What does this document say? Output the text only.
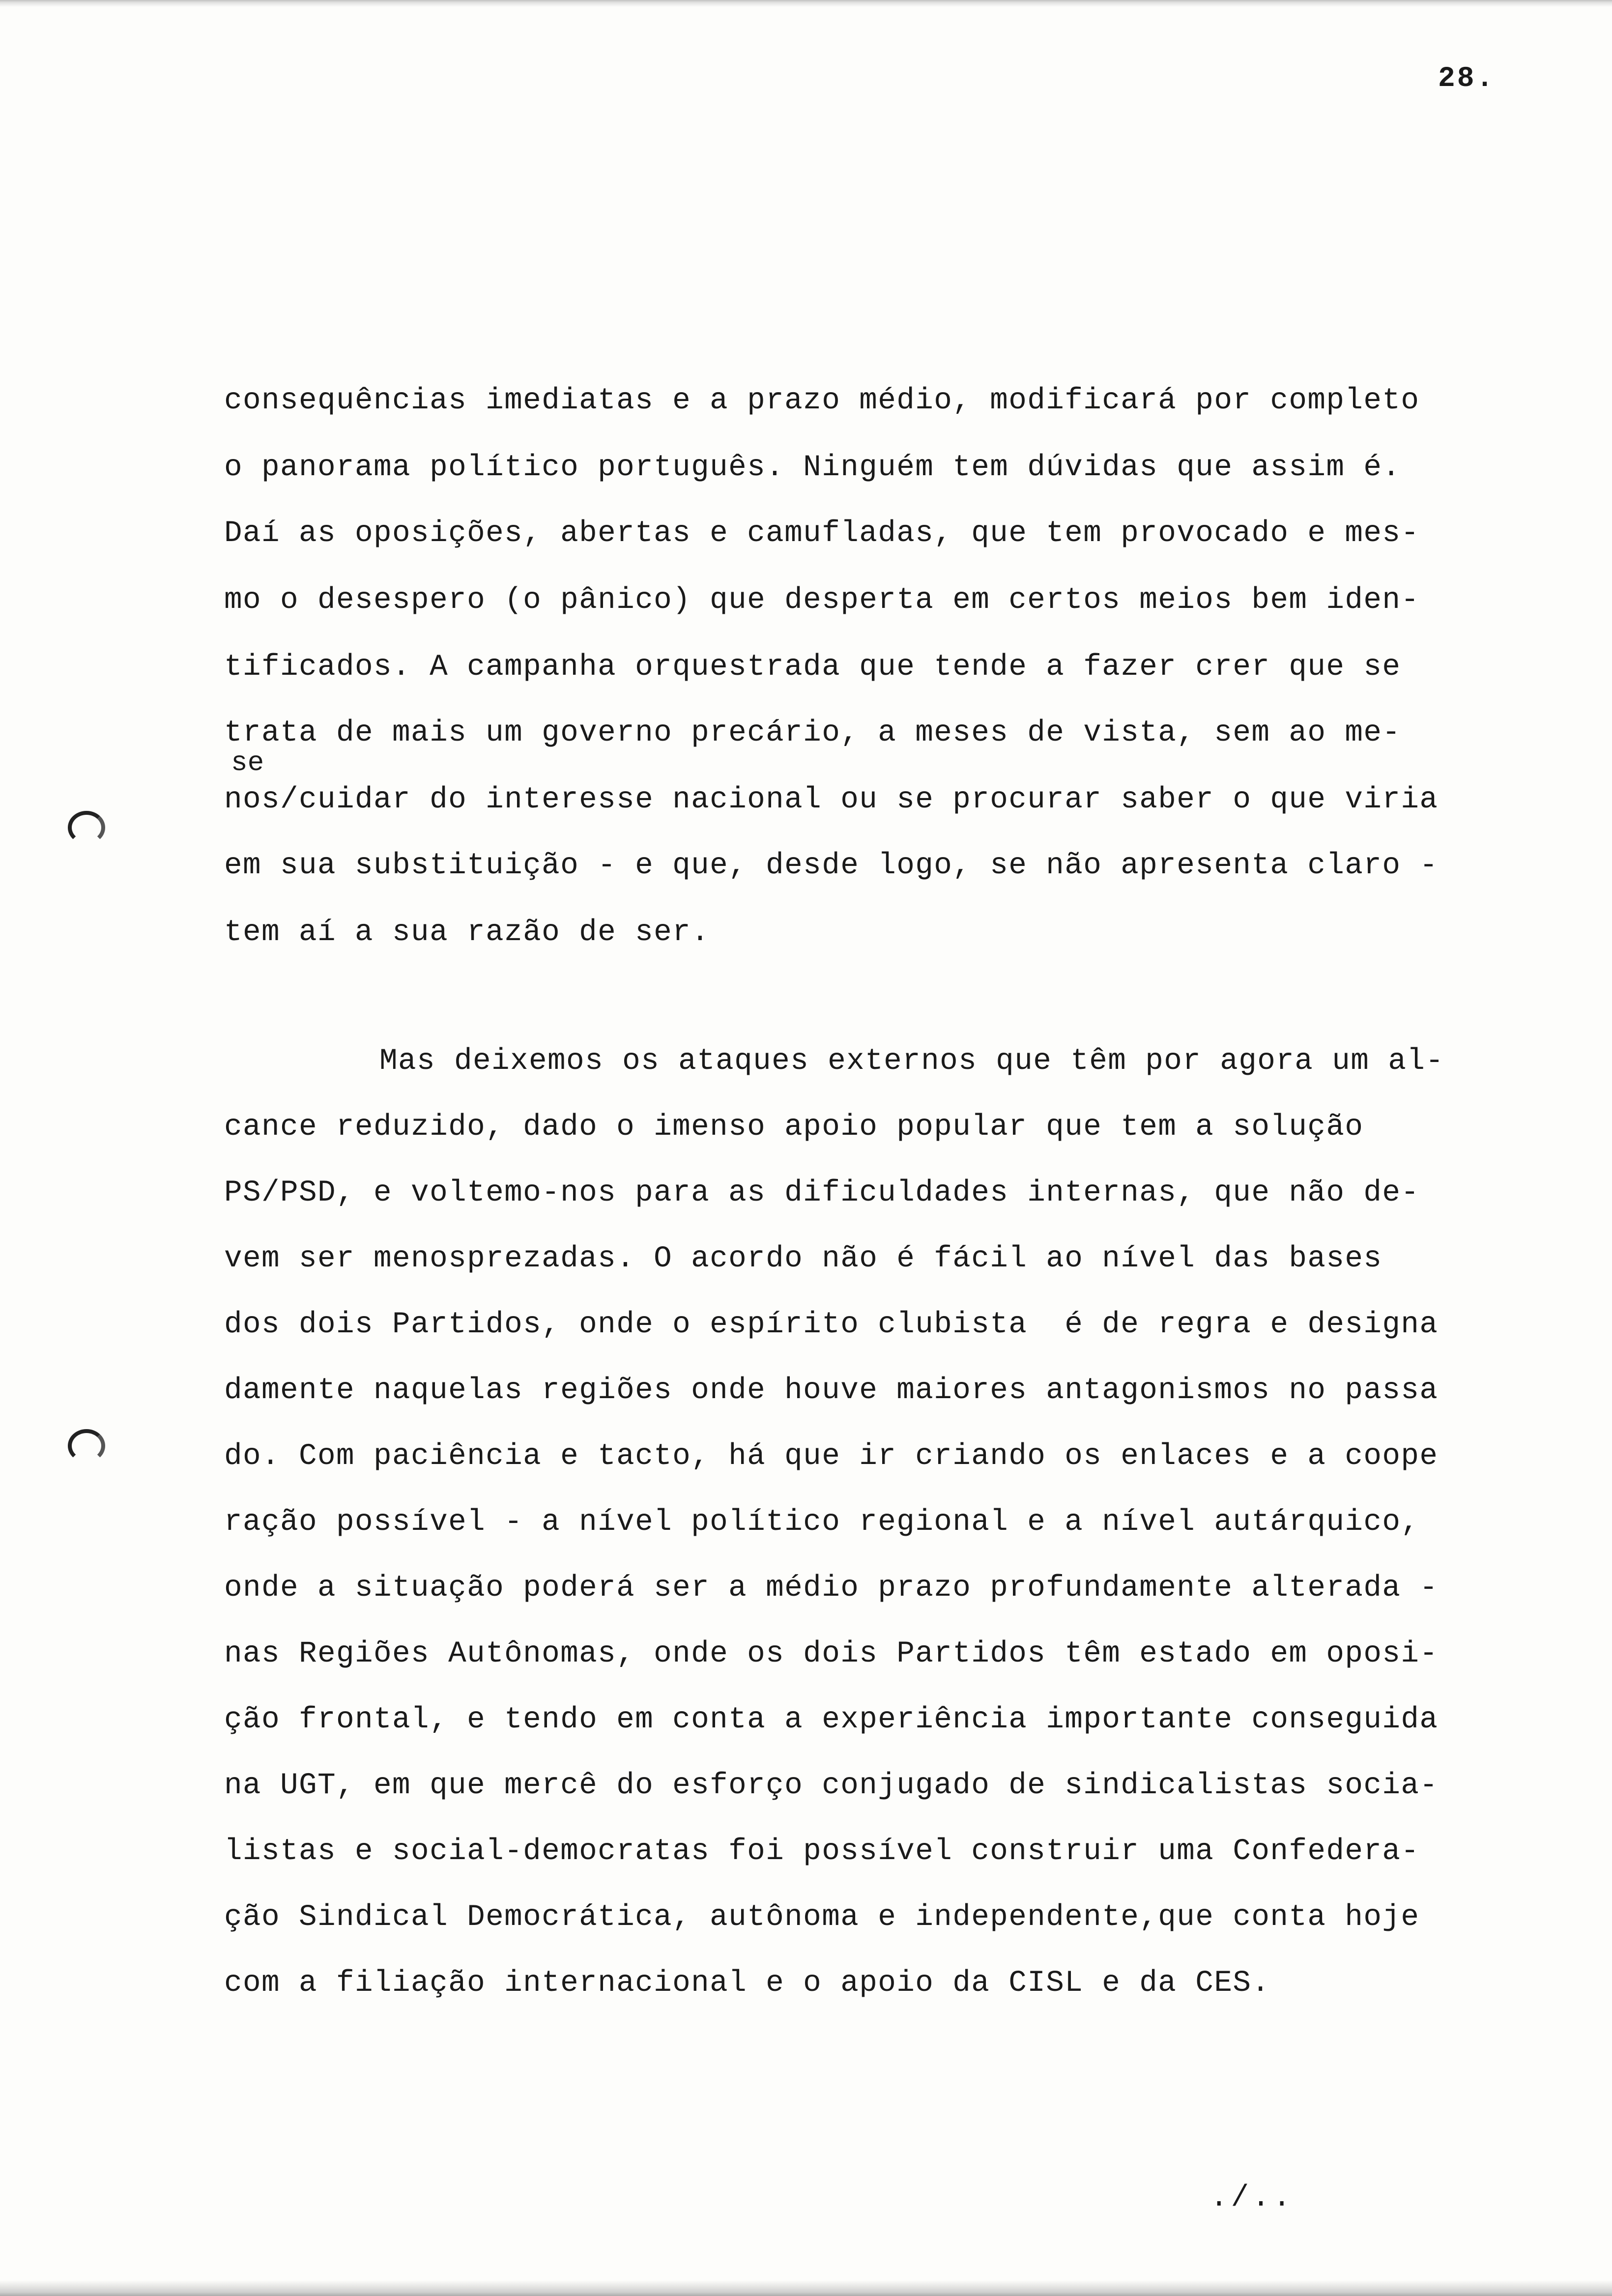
28.
consequências imediatas e a prazo médio, modificará por completo
o panorama político português. Ninguém tem dúvidas que assim é.
Daí as oposições, abertas e camufladas, que tem provocado e mes-
mo o desespero (o pânico) que desperta em certos meios bem iden-
tificados. A campanha orquestrada que tende a fazer crer que se
trata de mais um governo precário, a meses de vista, sem ao me-
se
nos/cuidar do interesse nacional ou se procurar saber o que viria
em sua substituição - e que, desde logo, se não apresenta claro -
tem aí a sua razão de ser.
Mas deixemos os ataques externos que têm por agora um al-
cance reduzido, dado o imenso apoio popular que tem a solução
PS/PSD, e voltemo-nos para as dificuldades internas, que não de-
vem ser menosprezadas. O acordo não é fácil ao nível das bases
dos dois Partidos, onde o espírito clubista  é de regra e designa
damente naquelas regiões onde houve maiores antagonismos no passa
do. Com paciência e tacto, há que ir criando os enlaces e a coope
ração possível - a nível político regional e a nível autárquico,
onde a situação poderá ser a médio prazo profundamente alterada -
nas Regiões Autônomas, onde os dois Partidos têm estado em oposi-
ção frontal, e tendo em conta a experiência importante conseguida
na UGT, em que mercê do esforço conjugado de sindicalistas socia-
listas e social-democratas foi possível construir uma Confedera-
ção Sindical Democrática, autônoma e independente,que conta hoje
com a filiação internacional e o apoio da CISL e da CES.
./..
